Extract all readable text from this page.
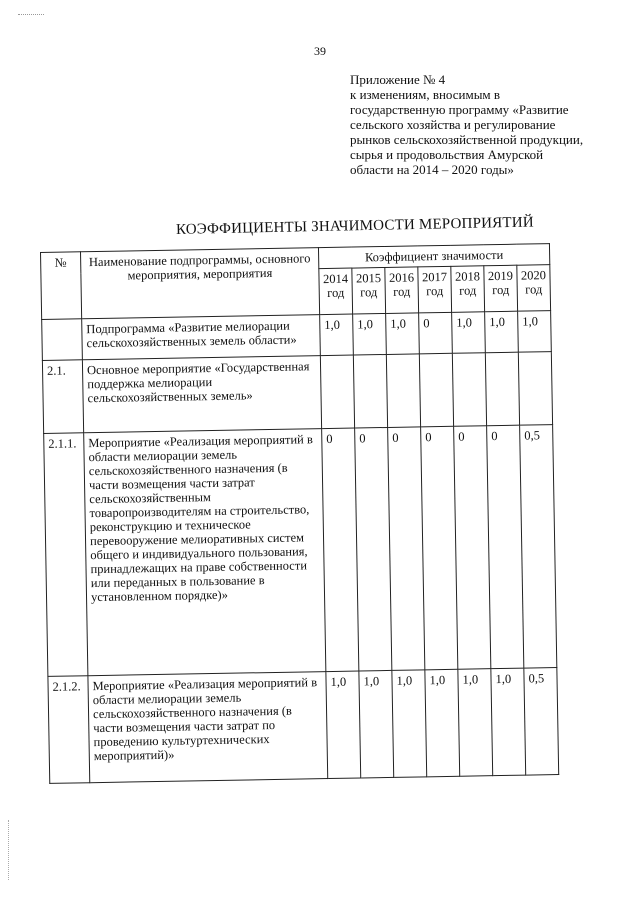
39
Приложение № 4
к изменениям, вносимым в
государственную программу «Развитие
сельского хозяйства и регулирование
рынков сельскохозяйственной продукции,
сырья и продовольствия Амурской
области на 2014 – 2020 годы»
КОЭФФИЦИЕНТЫ ЗНАЧИМОСТИ МЕРОПРИЯТИЙ
№	Наименование подпрограммы, основного мероприятия, мероприятия	Коэффициент значимости						
		2014 год	2015 год	2016 год	2017 год	2018 год	2019 год	2020 год
	Подпрограмма «Развитие мелиорации сельскохозяйственных земель области»	1,0	1,0	1,0	0	1,0	1,0	1,0
2.1.	Основное мероприятие «Государственная поддержка мелиорации сельскохозяйственных земель»							
2.1.1.	Мероприятие «Реализация мероприятий в области мелиорации земель сельскохозяйственного назначения (в части возмещения части затрат сельскохозяйственным товаропроизводителям на строительство, реконструкцию и техническое перевооружение мелиоративных систем общего и индивидуального пользования, принадлежащих на праве собственности или переданных в пользование в установленном порядке)»	0	0	0	0	0	0	0,5
2.1.2.	Мероприятие «Реализация мероприятий в области мелиорации земель сельскохозяйственного назначения (в части возмещения части затрат по проведению культуртехнических мероприятий)»	1,0	1,0	1,0	1,0	1,0	1,0	0,5
